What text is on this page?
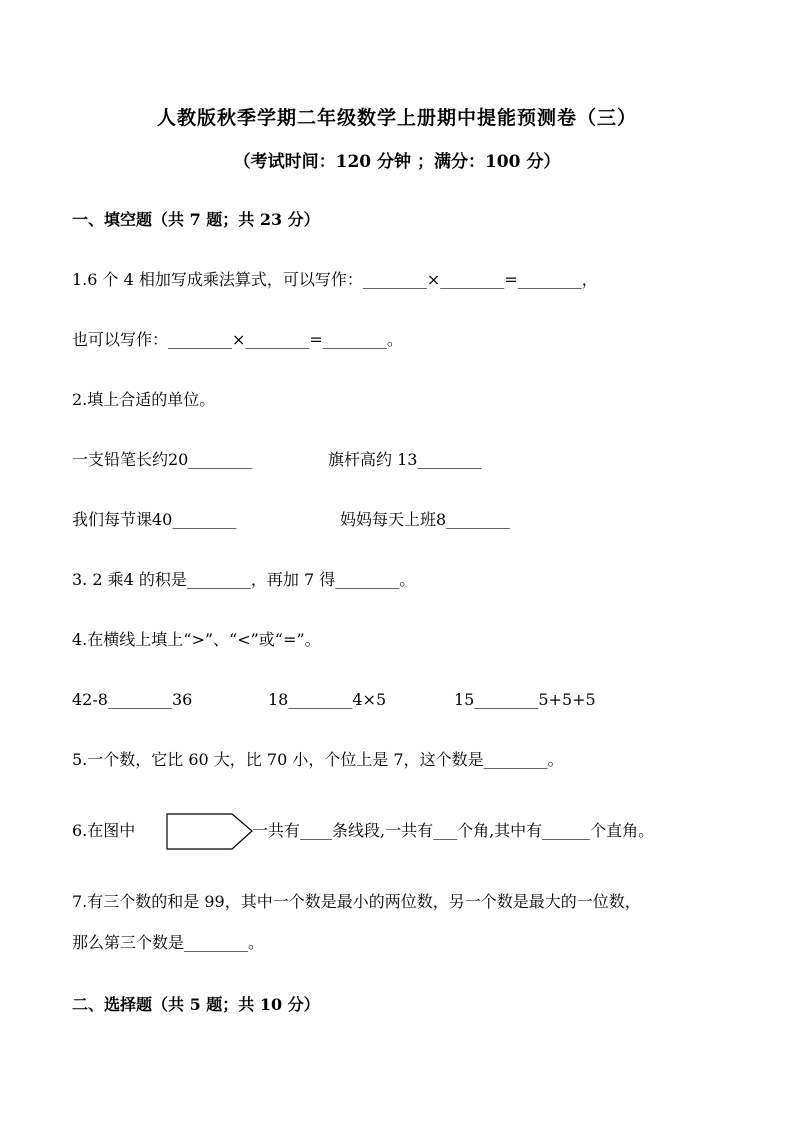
人教版秋季学期二年级数学上册期中提能预测卷（三）
（考试时间：120 分钟 ；满分：100 分）
一、填空题（共 7 题；共 23 分）
1.6 个 4 相加写成乘法算式，可以写作：________×________=________，
也可以写作：________×________=________。
2.填上合适的单位。
一支铅笔长约20________	旗杆高约 13________
我们每节课40________	妈妈每天上班8________
3. 2 乘4 的积是________，再加 7 得________。
4.在横线上填上“>”、“<”或“=”。
42-8________36	18________4×5	15________5+5+5
5.一个数，它比 60 大，比 70 小，个位上是 7，这个数是________。
6.在图中	一共有____条线段,一共有___个角,其中有______个直角。
7.有三个数的和是 99，其中一个数是最小的两位数，另一个数是最大的一位数，
那么第三个数是________。
二、选择题（共 5 题；共 10 分）
